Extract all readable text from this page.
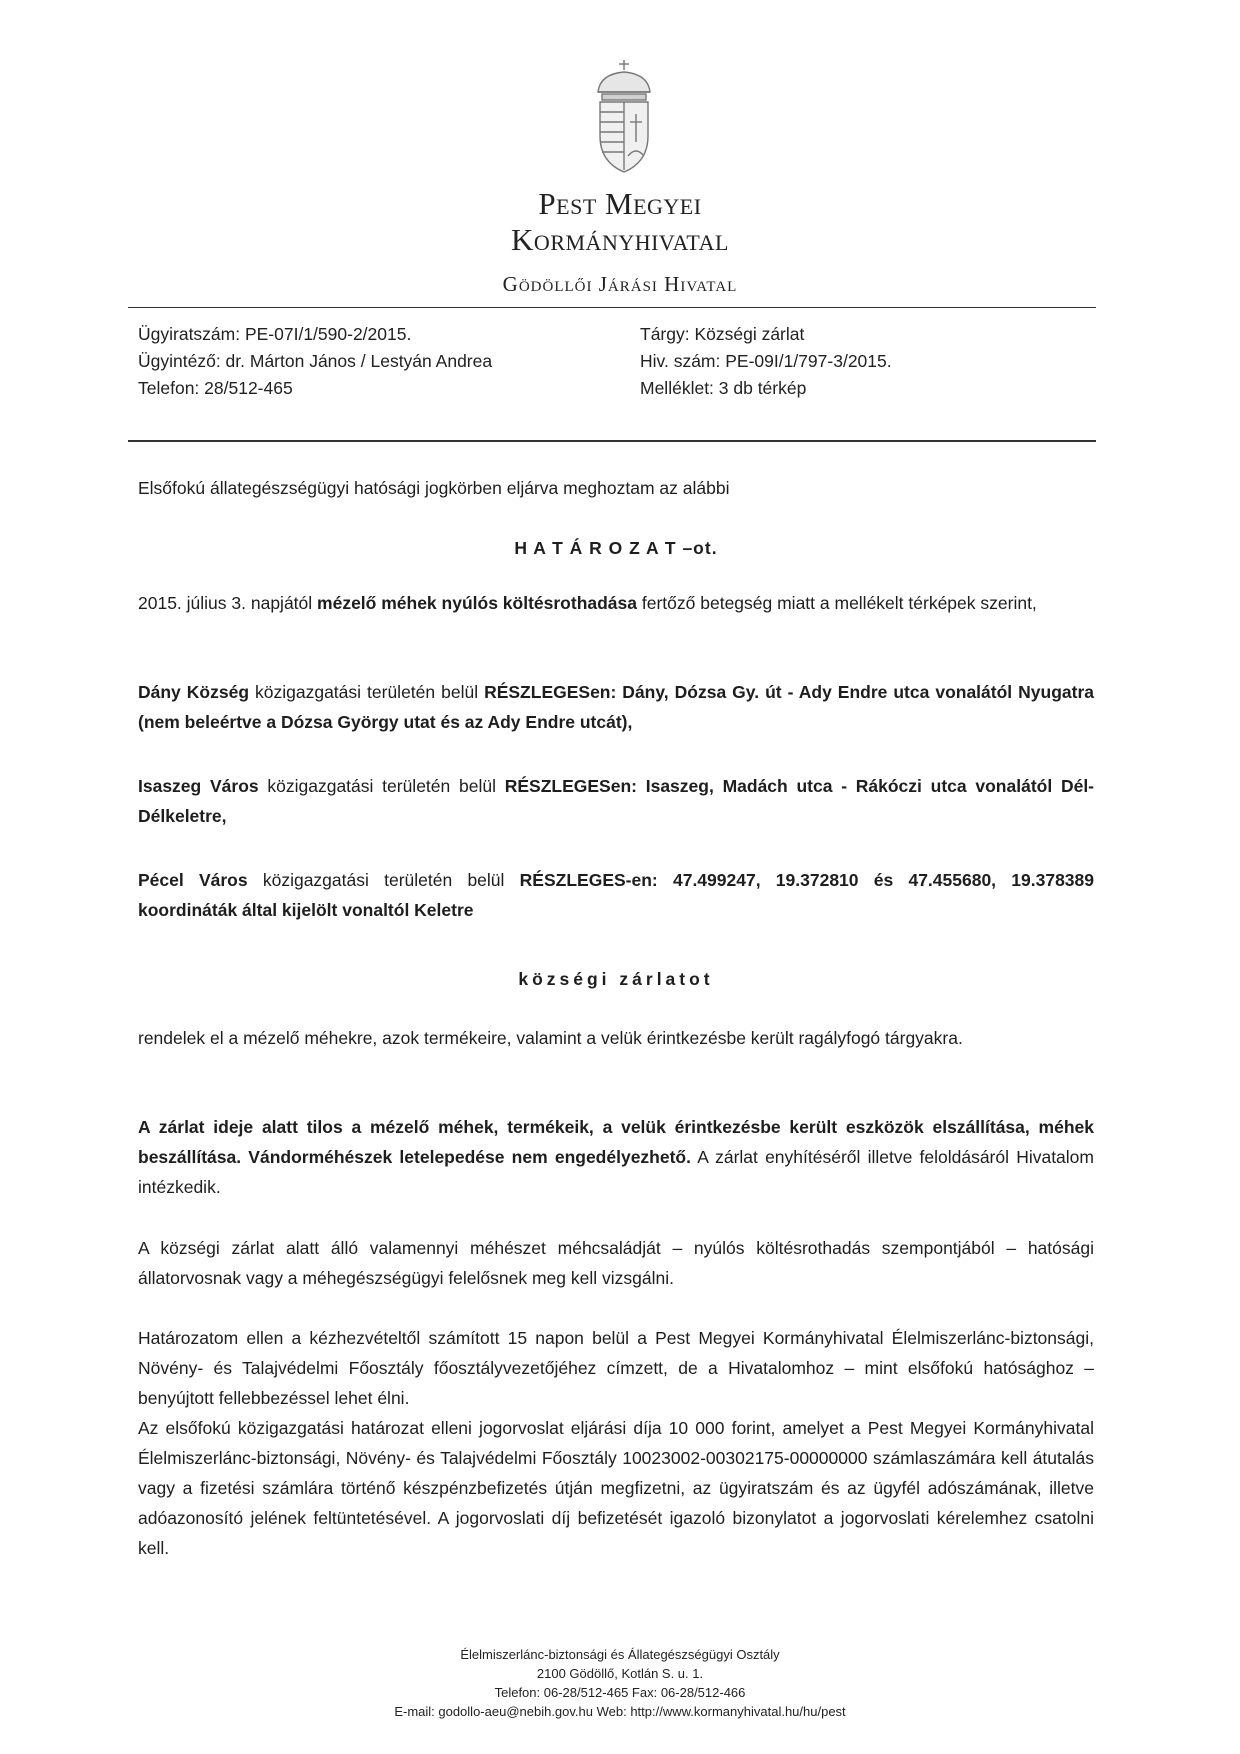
Pest Megyei
Kormányhivatal
Gödöllői Járási Hivatal
Ügyiratszám: PE-07I/1/590-2/2015.
Ügyintéző: dr. Márton János / Lestyán Andrea
Telefon: 28/512-465
Tárgy: Községi zárlat
Hiv. szám: PE-09I/1/797-3/2015.
Melléklet: 3 db térkép
Elsőfokú állategészségügyi hatósági jogkörben eljárva meghoztam az alábbi
H A T Á R O Z A T –ot.
2015. július 3. napjától mézelő méhek nyúlós költésrothadása fertőző betegség miatt a mellékelt térképek szerint,
Dány Község közigazgatási területén belül RÉSZLEGESen: Dány, Dózsa Gy. út - Ady Endre utca vonalától Nyugatra (nem beleértve a Dózsa György utat és az Ady Endre utcát),
Isaszeg Város közigazgatási területén belül RÉSZLEGESen: Isaszeg, Madách utca - Rákóczi utca vonalától Dél-Délkeletre,
Pécel Város közigazgatási területén belül RÉSZLEGES-en: 47.499247, 19.372810 és 47.455680, 19.378389 koordináták által kijelölt vonaltól Keletre
községi zárlatot
rendelek el a mézelő méhekre, azok termékeire, valamint a velük érintkezésbe került ragályfogó tárgyakra.
A zárlat ideje alatt tilos a mézelő méhek, termékeik, a velük érintkezésbe került eszközök elszállítása, méhek beszállítása. Vándorméhészek letelepedése nem engedélyezhető. A zárlat enyhítéséről illetve feloldásáról Hivatalom intézkedik.
A községi zárlat alatt álló valamennyi méhészet méhcsaládját – nyúlós költésrothadás szempontjából – hatósági állatorvosnak vagy a méhegészségügyi felelősnek meg kell vizsgálni.
Határozatom ellen a kézhezvételtől számított 15 napon belül a Pest Megyei Kormányhivatal Élelmiszerlánc-biztonsági, Növény- és Talajvédelmi Főosztály főosztályvezetőjéhez címzett, de a Hivatalomhoz – mint elsőfokú hatósághoz – benyújtott fellebbezéssel lehet élni.
Az elsőfokú közigazgatási határozat elleni jogorvoslat eljárási díja 10 000 forint, amelyet a Pest Megyei Kormányhivatal Élelmiszerlánc-biztonsági, Növény- és Talajvédelmi Főosztály 10023002-00302175-00000000 számlaszámára kell átutalás vagy a fizetési számlára történő készpénzbefizetés útján megfizetni, az ügyiratszám és az ügyfél adószámának, illetve adóazonosító jelének feltüntetésével. A jogorvoslati díj befizetését igazoló bizonylatot a jogorvoslati kérelemhez csatolni kell.
Élelmiszerlánc-biztonsági és Állategészségügyi Osztály
2100 Gödöllő, Kotlán S. u. 1.
Telefon: 06-28/512-465 Fax: 06-28/512-466
E-mail: godollo-aeu@nebih.gov.hu Web: http://www.kormanyhivatal.hu/hu/pest
